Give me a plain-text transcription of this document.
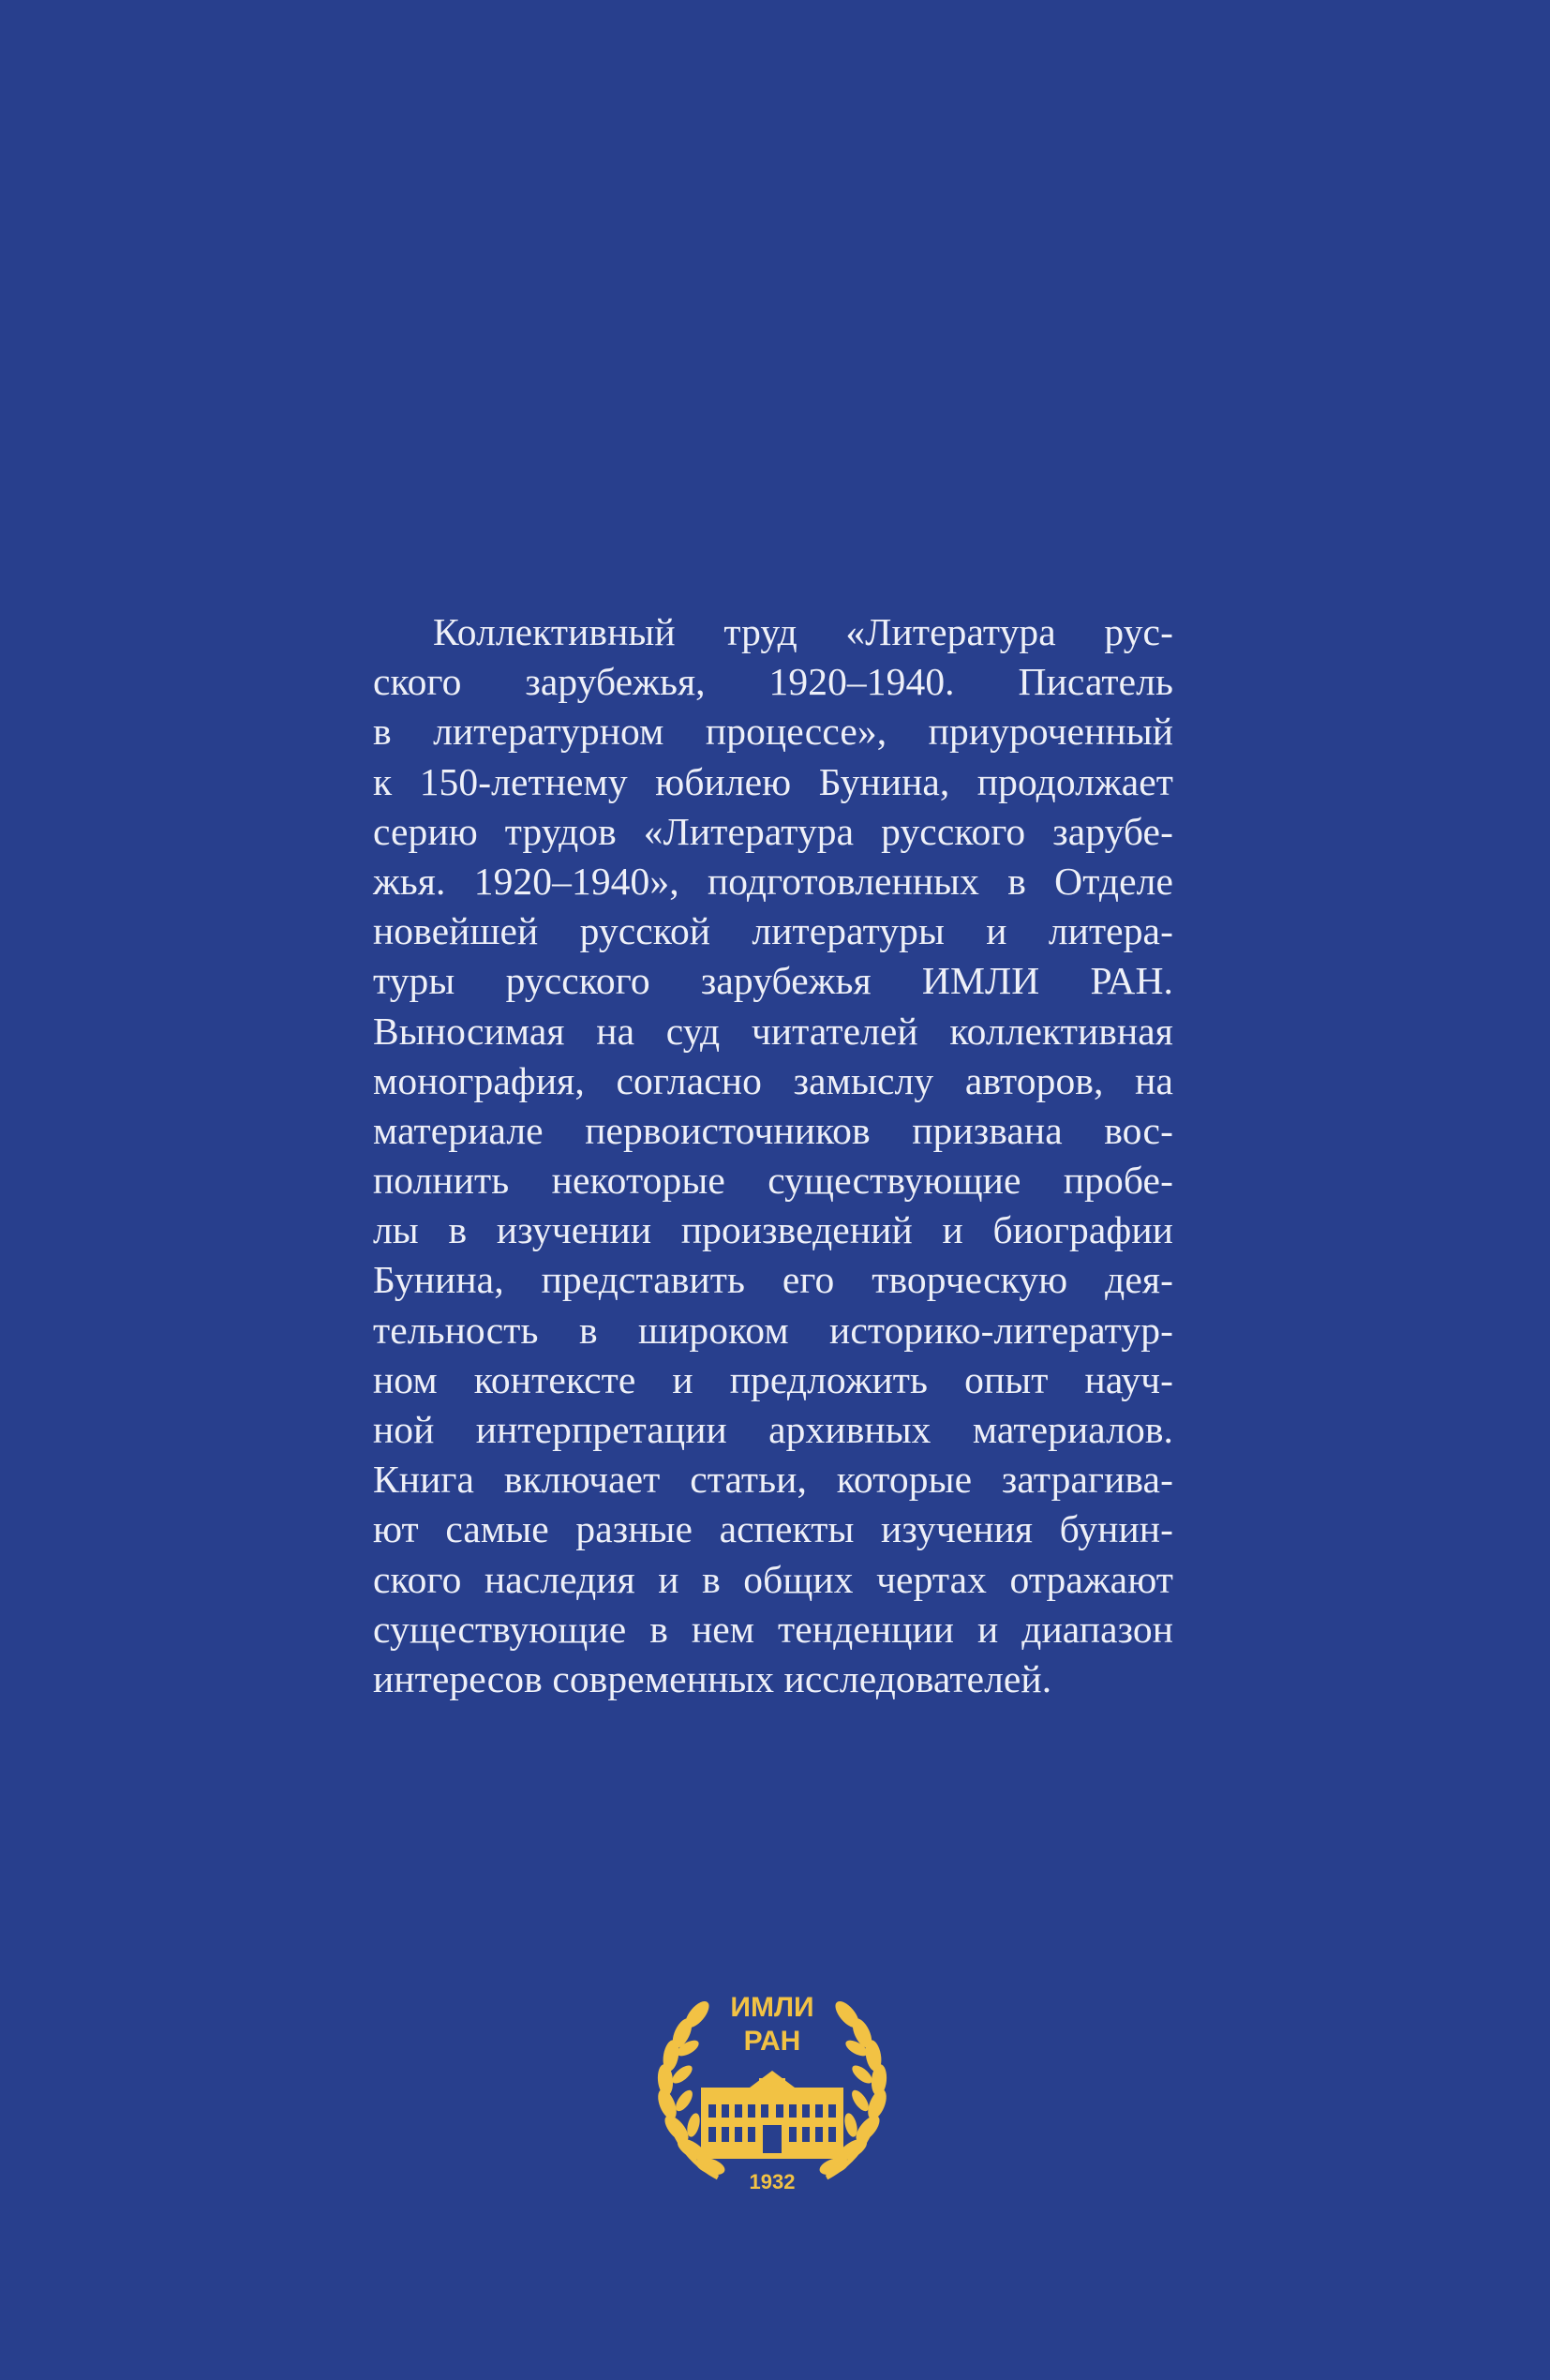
Коллективный труд «Литература рус-
ского зарубежья, 1920–1940. Писатель
в литературном процессе», приуроченный
к 150-летнему юбилею Бунина, продолжает
серию трудов «Литература русского зарубе-
жья. 1920–1940», подготовленных в Отделе
новейшей русской литературы и литера-
туры русского зарубежья ИМЛИ РАН.
Выносимая на суд читателей коллективная
монография, согласно замыслу авторов, на
материале первоисточников призвана вос-
полнить некоторые существующие пробе-
лы в изучении произведений и биографии
Бунина, представить его творческую дея-
тельность в широком историко-литератур-
ном контексте и предложить опыт науч-
ной интерпретации архивных материалов.
Книга включает статьи, которые затрагива-
ют самые разные аспекты изучения бунин-
ского наследия и в общих чертах отражают
существующие в нем тенденции и диапазон
интересов современных исследователей.
ИМЛИ
РАН
1932
